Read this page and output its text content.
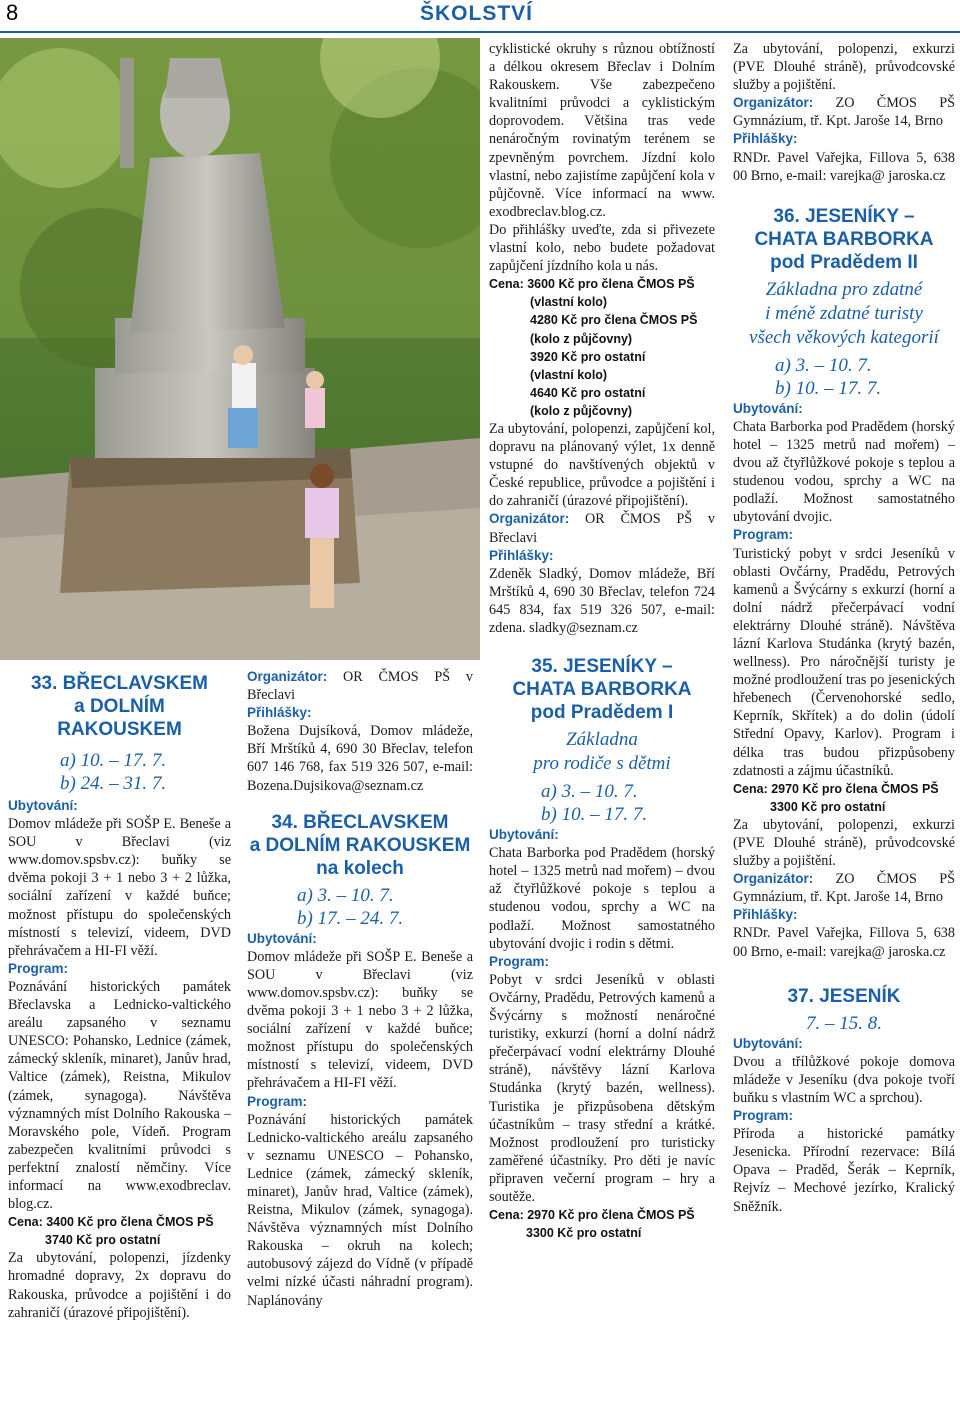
8	ŠKOLSTVÍ
33. BŘECLAVSKEM
a DOLNÍM
RAKOUSKEM
a) 10. – 17. 7.
b) 24. – 31. 7.
Ubytování:

Domov mládeže při SOŠP E. Beneše a SOU v Břeclavi (viz www.domov.spsbv.cz): buňky se dvěma pokoji 3 + 1 nebo 3 + 2 lůžka, sociální zařízení v každé buňce; možnost přístupu do společenských místností s televizí, videem, DVD přehrávačem a HI-FI věží.

Program:

Poznávání historických památek Břeclavska a Lednicko-valtického areálu zapsaného v seznamu UNESCO: Pohansko, Lednice (zámek, zámecký skleník, minaret), Janův hrad, Valtice (zámek), Reistna, Mikulov (zámek, synagoga). Návštěva významných míst Dolního Rakouska – Moravského pole, Vídeň. Program zabezpečen kvalitními průvodci s perfektní znalostí němčiny. Více informací na www.exodbreclav. blog.cz.

Cena: 3400 Kč pro člena ČMOS PŠ
3740 Kč pro ostatní

Za ubytování, polopenzi, jízdenky hromadné dopravy, 2x dopravu do Rakouska, průvodce a pojištění i do zahraničí (úrazové připojištění).

Organizátor: OR ČMOS PŠ v Břeclavi

Přihlášky:

Božena Dujsíková, Domov mládeže, Bří Mrštíků 4, 690 30 Břeclav, telefon 607 146 768, fax 519 326 507, e-mail: Bozena.Dujsikova@seznam.cz

34. BŘECLAVSKEM
a DOLNÍM RAKOUSKEM
na kolech
a) 3. – 10. 7.
b) 17. – 24. 7.
Ubytování:

Domov mládeže při SOŠP E. Beneše a SOU v Břeclavi (viz www.domov.spsbv.cz): buňky se dvěma pokoji 3 + 1 nebo 3 + 2 lůžka, sociální zařízení v každé buňce; možnost přístupu do společenských místností s televizí, videem, DVD přehrávačem a HI-FI věží.

Program:

Poznávání historických památek Lednicko-valtického areálu zapsaného v seznamu UNESCO – Pohansko, Lednice (zámek, zámecký skleník, minaret), Janův hrad, Valtice (zámek), Reistna, Mikulov (zámek, synagoga). Návštěva významných míst Dolního Rakouska – okruh na kolech; autobusový zájezd do Vídně (v případě velmi nízké účasti náhradní program). Naplánovány

cyklistické okruhy s různou obtížností a délkou okresem Břeclav i Dolním Rakouskem. Vše zabezpečeno kvalitními průvodci a cyklistickým doprovodem. Většina tras vede nenáročným rovinatým terénem se zpevněným povrchem. Jízdní kolo vlastní, nebo zajistíme zapůjčení kola v půjčovně. Více informací na www. exodbreclav.blog.cz.

Do přihlášky uveďte, zda si přivezete vlastní kolo, nebo budete požadovat zapůjčení jízdního kola u nás.

Cena: 3600 Kč pro člena ČMOS PŠ
(vlastní kolo)
4280 Kč pro člena ČMOS PŠ
(kolo z půjčovny)
3920 Kč pro ostatní
(vlastní kolo)
4640 Kč pro ostatní
(kolo z půjčovny)

Za ubytování, polopenzi, zapůjčení kol, dopravu na plánovaný výlet, 1x denně vstupné do navštívených objektů v České republice, průvodce a pojištění i do zahraničí (úrazové připojištění).

Organizátor: OR ČMOS PŠ v Břeclavi

Přihlášky:

Zdeněk Sladký, Domov mládeže, Bří Mrštíků 4, 690 30 Břeclav, telefon 724 645 834, fax 519 326 507, e-mail: zdena. sladky@seznam.cz

35. JESENÍKY –
CHATA BARBORKA
pod Pradědem I
Základna
pro rodiče s dětmi
a) 3. – 10. 7.
b) 10. – 17. 7.
Ubytování:

Chata Barborka pod Pradědem (horský hotel – 1325 metrů nad mořem) – dvou až čtyřlůžkové pokoje s teplou a studenou vodou, sprchy a WC na podlaží. Možnost samostatného ubytování dvojic i rodin s dětmi.

Program:

Pobyt v srdci Jeseníků v oblasti Ovčárny, Pradědu, Petrových kamenů a Švýcárny s možností nenáročné turistiky, exkurzí (horní a dolní nádrž přečerpávací vodní elektrárny Dlouhé stráně), návštěvy lázní Karlova Studánka (krytý bazén, wellness). Turistika je přizpůsobena dětským účastníkům – trasy střední a krátké. Možnost prodloužení pro turisticky zaměřené účastníky. Pro děti je navíc připraven večerní program – hry a soutěže.

Cena: 2970 Kč pro člena ČMOS PŠ
3300 Kč pro ostatní

Za ubytování, polopenzi, exkurzi (PVE Dlouhé stráně), průvodcovské služby a pojištění.

Organizátor: ZO ČMOS PŠ Gymnázium, tř. Kpt. Jaroše 14, Brno

Přihlášky:

RNDr. Pavel Vařejka, Fillova 5, 638 00 Brno, e-mail: varejka@ jaroska.cz

36. JESENÍKY –
CHATA BARBORKA
pod Pradědem II
Základna pro zdatné
i méně zdatné turisty
všech věkových kategorií
a) 3. – 10. 7.
b) 10. – 17. 7.
Ubytování:

Chata Barborka pod Pradědem (horský hotel – 1325 metrů nad mořem) – dvou až čtyřlůžkové pokoje s teplou a studenou vodou, sprchy a WC na podlaží. Možnost samostatného ubytování dvojic.

Program:

Turistický pobyt v srdci Jeseníků v oblasti Ovčárny, Pradědu, Petrových kamenů a Švýcárny s exkurzí (horní a dolní nádrž přečerpávací vodní elektrárny Dlouhé stráně). Návštěva lázní Karlova Studánka (krytý bazén, wellness). Pro náročnější turisty je možné prodloužení tras po jesenických hřebenech (Červenohorské sedlo, Keprník, Skřítek) a do dolin (údolí Střední Opavy, Karlov). Program i délka tras budou přizpůsobeny zdatnosti a zájmu účastníků.

Cena: 2970 Kč pro člena ČMOS PŠ
3300 Kč pro ostatní

Za ubytování, polopenzi, exkurzi (PVE Dlouhé stráně), průvodcovské služby a pojištění.

Organizátor: ZO ČMOS PŠ Gymnázium, tř. Kpt. Jaroše 14, Brno

Přihlášky:

RNDr. Pavel Vařejka, Fillova 5, 638 00 Brno, e-mail: varejka@ jaroska.cz

37. JESENÍK
7. – 15. 8.
Ubytování:

Dvou a třílůžkové pokoje domova mládeže v Jeseníku (dva pokoje tvoří buňku s vlastním WC a sprchou).

Program:

Příroda a historické památky Jesenicka. Přírodní rezervace: Bílá Opava – Praděd, Šerák – Keprník, Rejvíz – Mechové jezírko, Kralický Sněžník.
